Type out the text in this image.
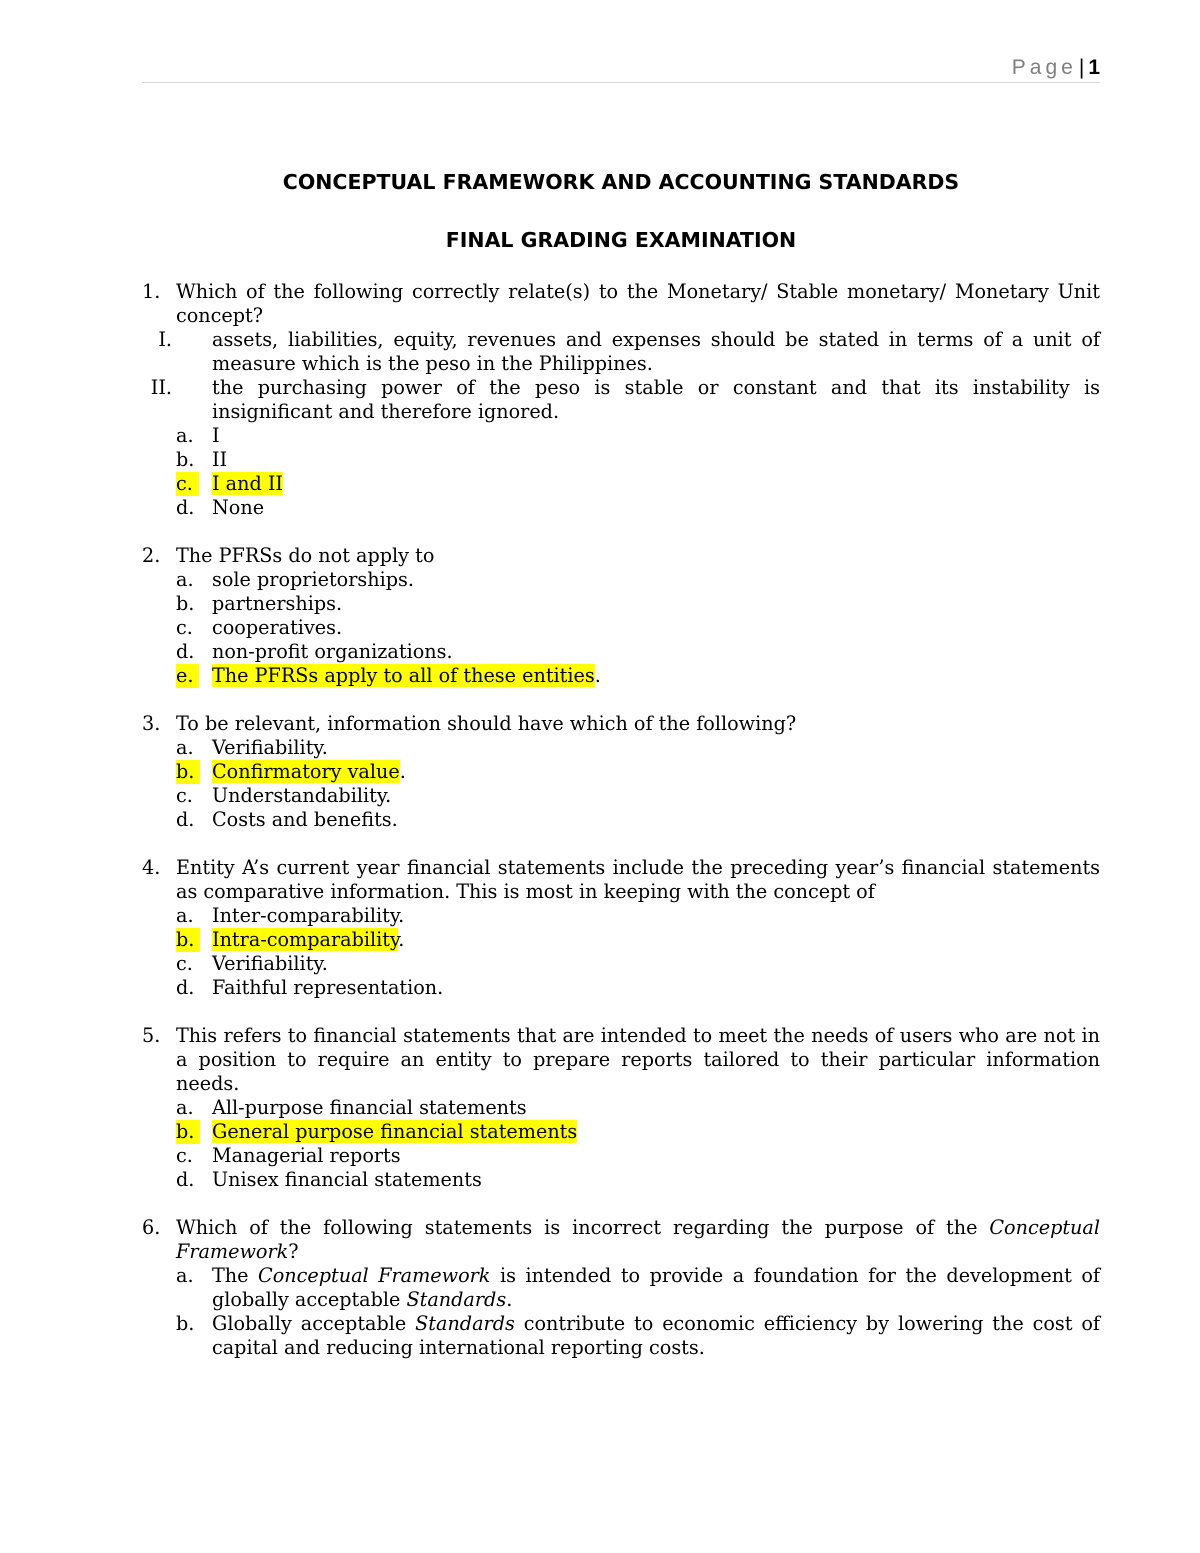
Page| 1
CONCEPTUAL FRAMEWORK AND ACCOUNTING STANDARDS
FINAL GRADING EXAMINATION
1. Which of the following correctly relate(s) to the Monetary/ Stable monetary/ Monetary Unit concept?
I. assets, liabilities, equity, revenues and expenses should be stated in terms of a unit of measure which is the peso in the Philippines.
II. the purchasing power of the peso is stable or constant and that its instability is insignificant and therefore ignored.
a. I
b. II
c. I and II
d. None
2. The PFRSs do not apply to
a. sole proprietorships.
b. partnerships.
c. cooperatives.
d. non-profit organizations.
e. The PFRSs apply to all of these entities.
3. To be relevant, information should have which of the following?
a. Verifiability.
b. Confirmatory value.
c. Understandability.
d. Costs and benefits.
4. Entity A’s current year financial statements include the preceding year’s financial statements as comparative information. This is most in keeping with the concept of
a. Inter-comparability.
b. Intra-comparability.
c. Verifiability.
d. Faithful representation.
5. This refers to financial statements that are intended to meet the needs of users who are not in a position to require an entity to prepare reports tailored to their particular information needs.
a. All-purpose financial statements
b. General purpose financial statements
c. Managerial reports
d. Unisex financial statements
6. Which of the following statements is incorrect regarding the purpose of the Conceptual Framework?
a. The Conceptual Framework is intended to provide a foundation for the development of globally acceptable Standards.
b. Globally acceptable Standards contribute to economic efficiency by lowering the cost of capital and reducing international reporting costs.
